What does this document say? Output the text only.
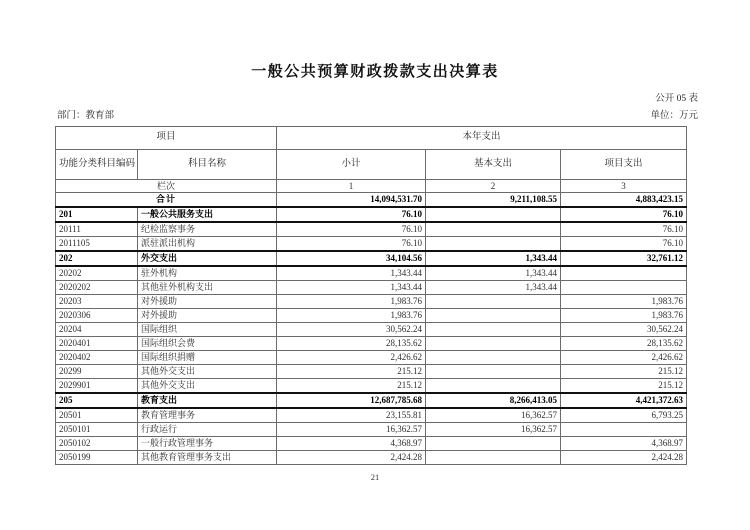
一般公共预算财政拨款支出决算表
公开 05 表
部门：教育部	单位：万元
项目		本年支出		
功能分类科目编码	科目名称	小计	基本支出	项目支出
栏次		1	2	3
合计		14,094,531.70	9,211,108.55	4,883,423.15
201	一般公共服务支出	76.10		76.10
20111	纪检监察事务	76.10		76.10
2011105	派驻派出机构	76.10		76.10
202	外交支出	34,104.56	1,343.44	32,761.12
20202	驻外机构	1,343.44	1,343.44	
2020202	其他驻外机构支出	1,343.44	1,343.44	
20203	对外援助	1,983.76		1,983.76
2020306	对外援助	1,983.76		1,983.76
20204	国际组织	30,562.24		30,562.24
2020401	国际组织会费	28,135.62		28,135.62
2020402	国际组织捐赠	2,426.62		2,426.62
20299	其他外交支出	215.12		215.12
2029901	其他外交支出	215.12		215.12
205	教育支出	12,687,785.68	8,266,413.05	4,421,372.63
20501	教育管理事务	23,155.81	16,362.57	6,793.25
2050101	行政运行	16,362.57	16,362.57	
2050102	一般行政管理事务	4,368.97		4,368.97
2050199	其他教育管理事务支出	2,424.28		2,424.28
21
